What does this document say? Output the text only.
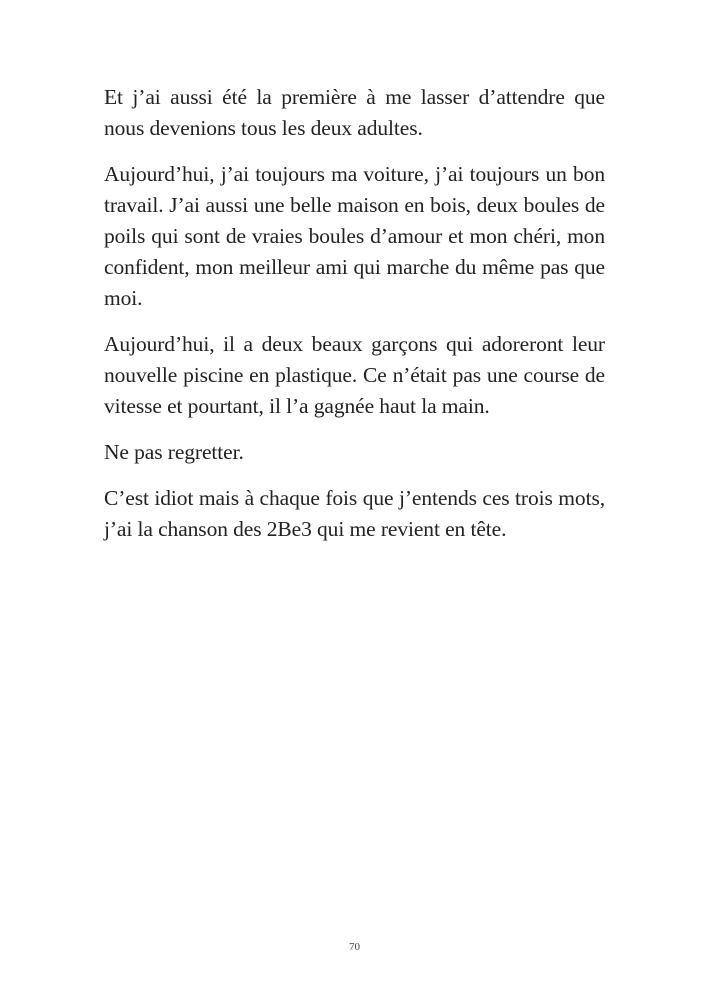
Et j’ai aussi été la première à me lasser d’attendre que nous devenions tous les deux adultes.

Aujourd’hui, j’ai toujours ma voiture, j’ai toujours un bon travail. J’ai aussi une belle maison en bois, deux boules de poils qui sont de vraies boules d’amour et mon chéri, mon confident, mon meilleur ami qui marche du même pas que moi.

Aujourd’hui, il a deux beaux garçons qui adoreront leur nouvelle piscine en plastique. Ce n’était pas une course de vitesse et pourtant, il l’a gagnée haut la main.

Ne pas regretter.

C’est idiot mais à chaque fois que j’entends ces trois mots, j’ai la chanson des 2Be3 qui me revient en tête.

70
